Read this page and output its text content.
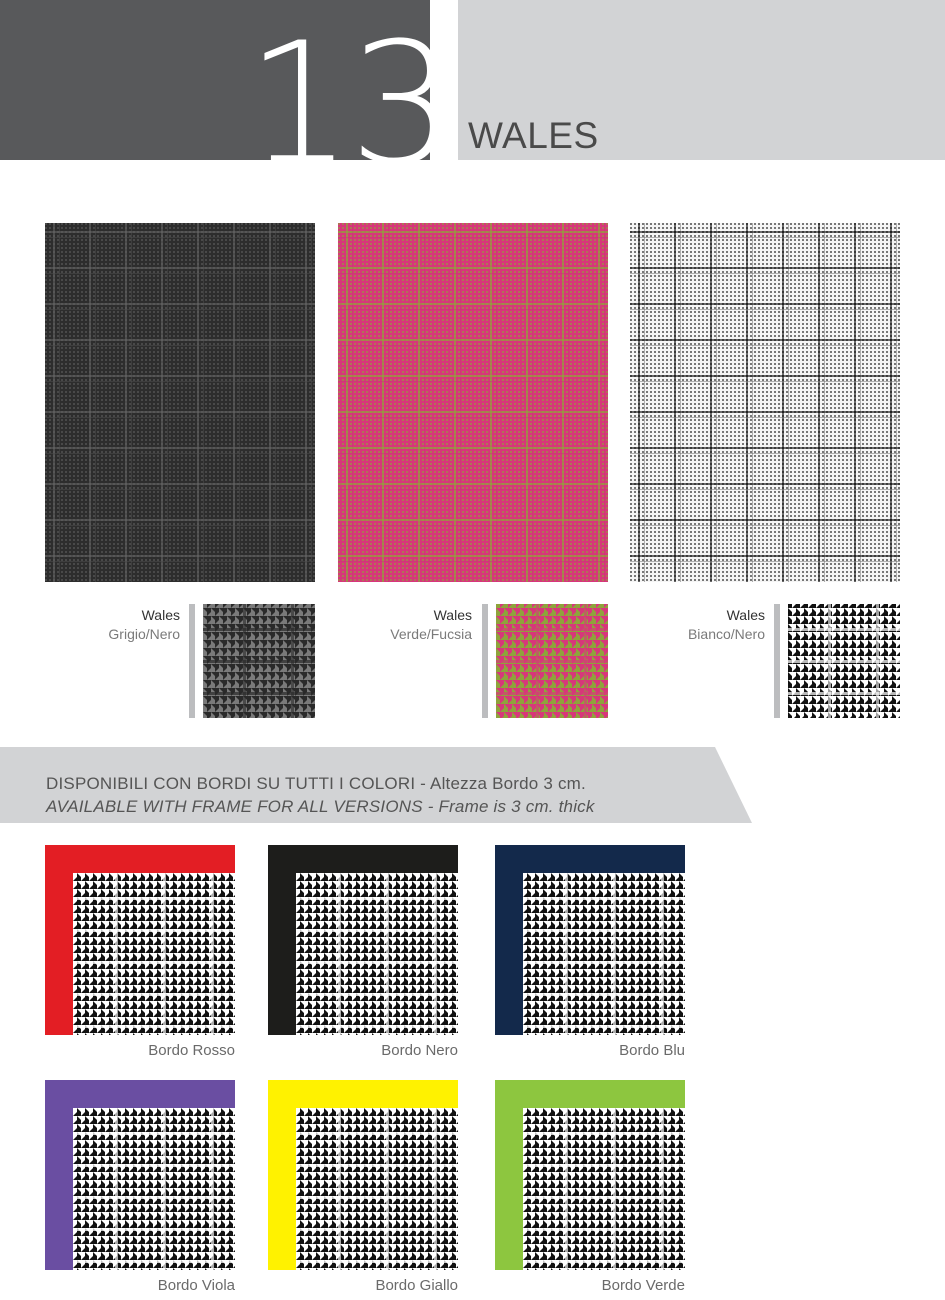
13 WALES
Wales
Grigio/Nero
Wales
Verde/Fucsia
Wales
Bianco/Nero
DISPONIBILI CON BORDI SU TUTTI I COLORI - Altezza Bordo 3 cm.
AVAILABLE WITH FRAME FOR ALL VERSIONS - Frame is 3 cm. thick
Bordo Rosso	Bordo Nero	Bordo Blu
Bordo Viola	Bordo Giallo	Bordo Verde
